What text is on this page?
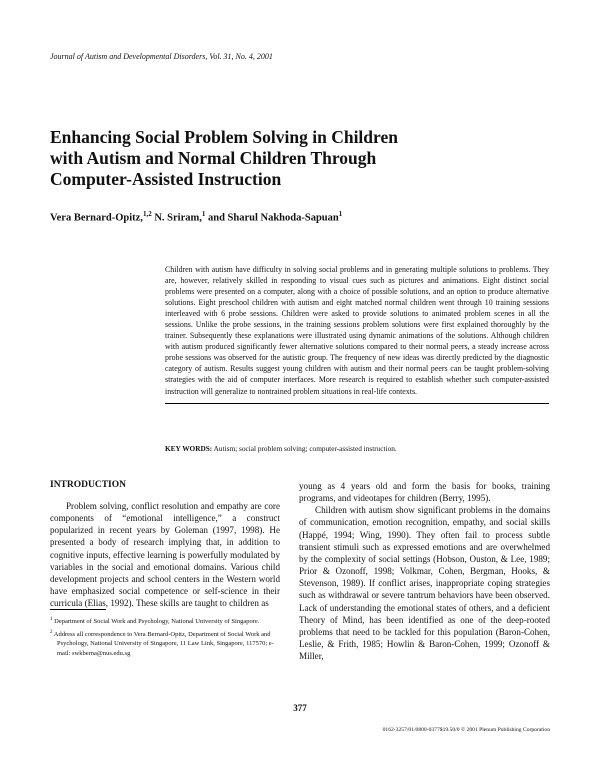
Journal of Autism and Developmental Disorders, Vol. 31, No. 4, 2001
Enhancing Social Problem Solving in Children
with Autism and Normal Children Through
Computer-Assisted Instruction
Vera Bernard-Opitz,$^{1,2}$ N. Sriram,$^1$ and Sharul Nakhoda-Sapuan$^1$

Children with autism have difficulty in solving social problems and in generating multiple solutions to problems. They are, however, relatively skilled in responding to visual cues such as pictures and animations. Eight distinct social problems were presented on a computer, along with a choice of possible solutions, and an option to produce alternative solutions. Eight preschool children with autism and eight matched normal children went through 10 training sessions interleaved with 6 probe sessions. Children were asked to provide solutions to animated problem scenes in all the sessions. Unlike the probe sessions, in the training sessions problem solutions were first explained thoroughly by the trainer. Subsequently these explanations were illustrated using dynamic animations of the solutions. Although children with autism produced significantly fewer alternative solutions compared to their normal peers, a steady increase across probe sessions was observed for the autistic group. The frequency of new ideas was directly predicted by the diagnostic category of autism. Results suggest young children with autism and their normal peers can be taught problem-solving strategies with the aid of computer interfaces. More research is required to establish whether such computer-assisted instruction will generalize to nontrained problem situations in real-life contexts.

KEY WORDS: Autism; social problem solving; computer-assisted instruction.
INTRODUCTION

Problem solving, conflict resolution and empathy are core components of “emotional intelligence,” a construct popularized in recent years by Goleman (1997, 1998). He presented a body of research implying that, in addition to cognitive inputs, effective learning is powerfully modulated by variables in the social and emotional domains. Various child development projects and school centers in the Western world have emphasized social competence or self-science in their curricula (Elias, 1992). These skills are taught to children as

young as 4 years old and form the basis for books, training programs, and videotapes for children (Berry, 1995).

Children with autism show significant problems in the domains of communication, emotion recognition, empathy, and social skills (Happé, 1994; Wing, 1990). They often fail to process subtle transient stimuli such as expressed emotions and are overwhelmed by the complexity of social settings (Hobson, Ouston, & Lee, 1989; Prior & Ozonoff, 1998; Volkmar, Cohen, Bergman, Hooks, & Stevenson, 1989). If conflict arises, inappropriate coping strategies such as withdrawal or severe tantrum behaviors have been observed. Lack of understanding the emotional states of others, and a deficient Theory of Mind, has been identified as one of the deep-rooted problems that need to be tackled for this population (Baron-Cohen, Leslie, & Frith, 1985; Howlin & Baron-Cohen, 1999; Ozonoff & Miller,

$^1$ Department of Social Work and Psychology, National University of Singapore.

$^2$ Address all correspondence to Vera Bernard-Opitz, Department of Social Work and Psychology, National University of Singapore, 11 Law Link, Singapore, 117570; e-mail: swkberna@nus.edu.sg

377
0162-3257/01/0800-0377$19.50/0 © 2001 Plenum Publishing Corporation
